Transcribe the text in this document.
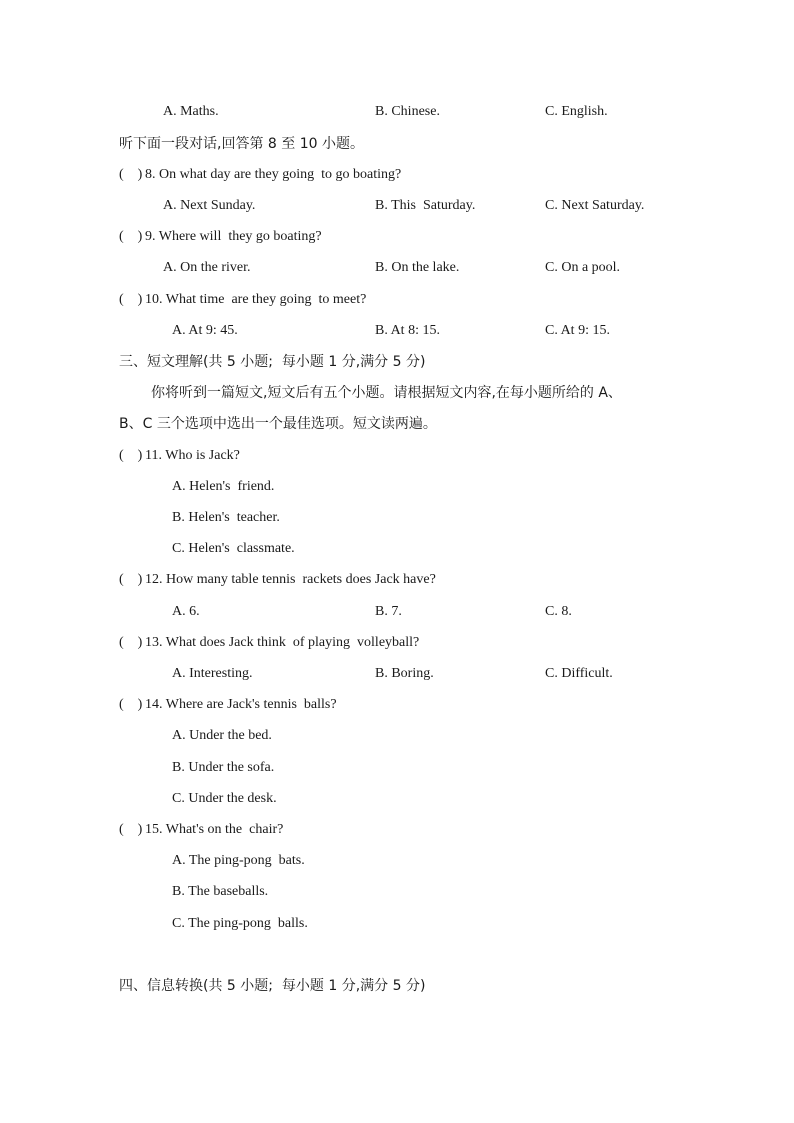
A. Maths.	B. Chinese.	C. English.
听下面一段对话,回答第 8 至 10 小题。
(    ) 8. On what day are they going  to go boating?
A. Next Sunday.	B. This  Saturday.	C. Next Saturday.
(    ) 9. Where will  they go boating?
A. On the river.	B. On the lake.	C. On a pool.
(    ) 10. What time  are they going  to meet?
A. At 9: 45.	B. At 8: 15.	C. At 9: 15.
三、短文理解(共 5 小题;  每小题 1 分,满分 5 分)
你将听到一篇短文,短文后有五个小题。请根据短文内容,在每小题所给的 A、
B、C 三个选项中选出一个最佳选项。短文读两遍。
(    ) 11. Who is Jack?
A. Helen's  friend.
B. Helen's  teacher.
C. Helen's  classmate.
(    ) 12. How many table tennis  rackets does Jack have?
A. 6.	B. 7.	C. 8.
(    ) 13. What does Jack think  of playing  volleyball?
A. Interesting.	B. Boring.	C. Difficult.
(    ) 14. Where are Jack's tennis  balls?
A. Under the bed.
B. Under the sofa.
C. Under the desk.
(    ) 15. What's on the  chair?
A. The ping-pong  bats.
B. The baseballs.
C. The ping-pong  balls.
四、信息转换(共 5 小题;  每小题 1 分,满分 5 分)
